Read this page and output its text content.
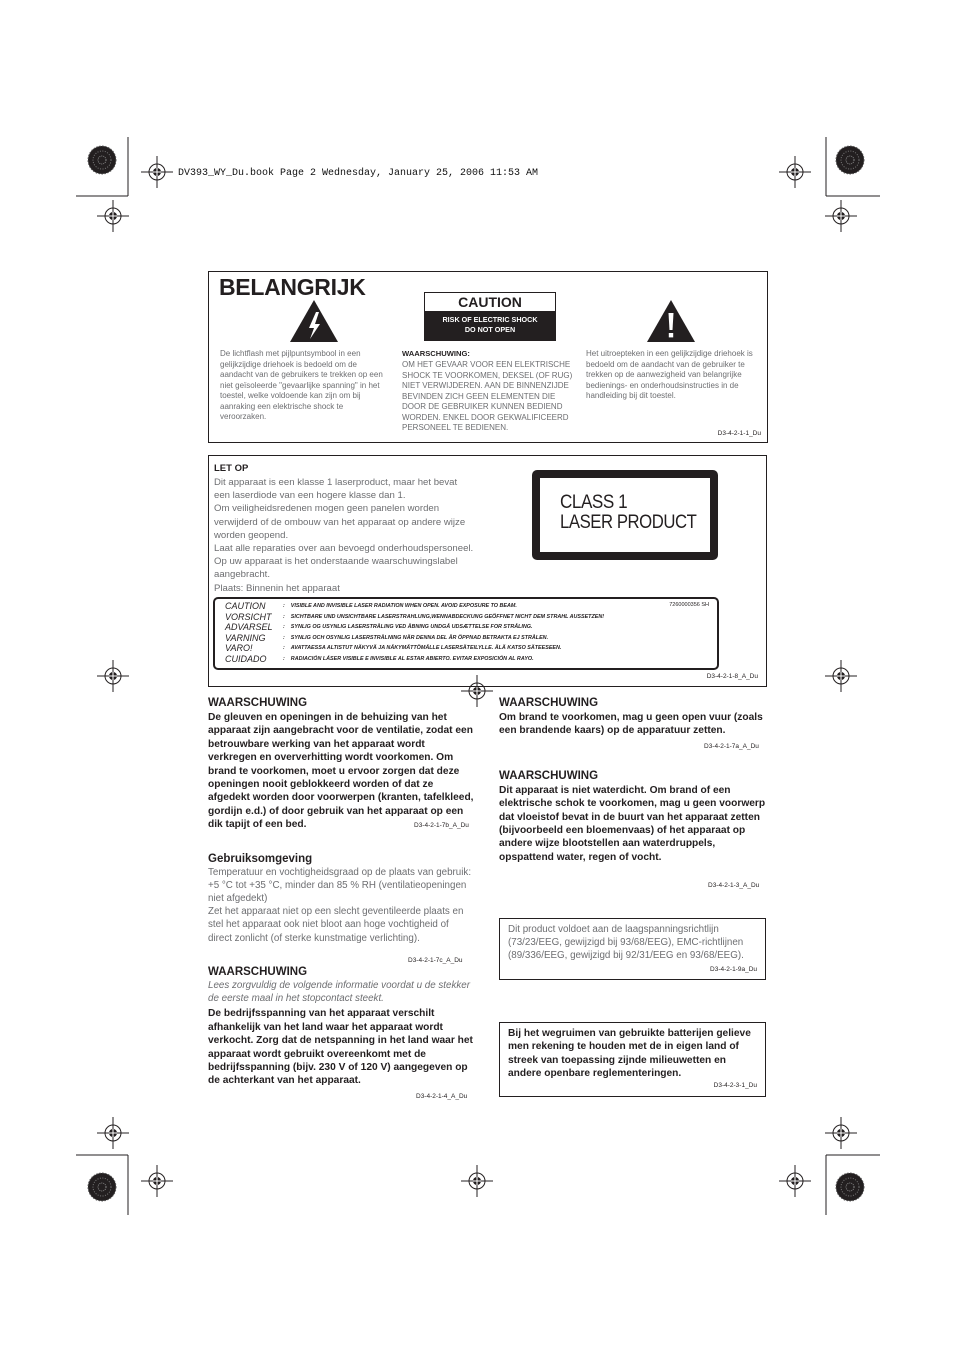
DV393_WY_Du.book Page 2 Wednesday, January 25, 2006 11:53 AM
BELANGRIJK
CAUTION
RISK OF ELECTRIC SHOCK
DO NOT OPEN
De lichtflash met pijlpuntsymbool in een gelijkzijdige driehoek is bedoeld om de aandacht van de gebruikers te trekken op een niet geïsoleerde "gevaarlijke spanning" in het toestel, welke voldoende kan zijn om bij aanraking een elektrische shock te veroorzaken.
WAARSCHUWING:
OM HET GEVAAR VOOR EEN ELEKTRISCHE SHOCK TE VOORKOMEN, DEKSEL (OF RUG) NIET VERWIJDEREN. AAN DE BINNENZIJDE BEVINDEN ZICH GEEN ELEMENTEN DIE DOOR DE GEBRUIKER KUNNEN BEDIEND WORDEN. ENKEL DOOR GEKWALIFICEERD PERSONEEL TE BEDIENEN.
Het uitroepteken in een gelijkzijdige driehoek is bedoeld om de aandacht van de gebruiker te trekken op de aanwezigheid van belangrijke bedienings- en onderhoudsinstructies in de handleiding bij dit toestel.
D3-4-2-1-1_Du
LET OP
Dit apparaat is een klasse 1 laserproduct, maar het bevat
een laserdiode van een hogere klasse dan 1.
Om veiligheidsredenen mogen geen panelen worden
verwijderd of de ombouw van het apparaat op andere wijze
worden geopend.
Laat alle reparaties over aan bevoegd onderhoudspersoneel.
Op uw apparaat is het onderstaande waarschuwingslabel
aangebracht.
Plaats: Binnenin het apparaat
CLASS 1
LASER PRODUCT
7260000356 SH
CAUTION	: VISIBLE AND INVISIBLE LASER RADIATION WHEN OPEN. AVOID EXPOSURE TO BEAM.
VORSICHT	: SICHTBARE UND UNSICHTBARE LASERSTRAHLUNG,WENNABDECKUNG GEÖFFNET NICHT DEM STRAHL AUSSETZEN!
ADVARSEL	: SYNLIG OG USYNLIG LASERSTRÅLING VED ÅBNING UNDGÅ UDSÆTTELSE FOR STRÅLING.
VARNING	: SYNLIG OCH OSYNLIG LASERSTRÅLNING NÄR DENNA DEL ÄR ÖPPNAD BETRAKTA EJ STRÅLEN.
VARO!	: AVATTAESSA ALTISTUT NÄKYVÄ JA NÄKYMÄTTÖMÄLLE LASERSÄTEILYLLE. ÄLÄ KATSO SÄTEESEEN.
CUIDADO	: RADIACIÓN LÁSER VISIBLE E INVISIBLE AL ESTAR ABIERTO. EVITAR EXPOSICIÓN AL RAYO.
D3-4-2-1-8_A_Du
WAARSCHUWING
De gleuven en openingen in de behuizing van het apparaat zijn aangebracht voor de ventilatie, zodat een betrouwbare werking van het apparaat wordt verkregen en oververhitting wordt voorkomen. Om brand te voorkomen, moet u ervoor zorgen dat deze openingen nooit geblokkeerd worden of dat ze afgedekt worden door voorwerpen (kranten, tafelkleed, gordijn e.d.) of door gebruik van het apparaat op een dik tapijt of een bed.	D3-4-2-1-7b_A_Du
Gebruiksomgeving
Temperatuur en vochtigheidsgraad op de plaats van gebruik:
+5 °C tot +35 °C, minder dan 85 % RH (ventilatieopeningen niet afgedekt)
Zet het apparaat niet op een slecht geventileerde plaats en stel het apparaat ook niet bloot aan hoge vochtigheid of direct zonlicht (of sterke kunstmatige verlichting).
D3-4-2-1-7c_A_Du
WAARSCHUWING
Lees zorgvuldig de volgende informatie voordat u de stekker de eerste maal in het stopcontact steekt.
De bedrijfsspanning van het apparaat verschilt afhankelijk van het land waar het apparaat wordt verkocht. Zorg dat de netspanning in het land waar het apparaat wordt gebruikt overeenkomt met de bedrijfsspanning (bijv. 230 V of 120 V) aangegeven op de achterkant van het apparaat.
D3-4-2-1-4_A_Du
WAARSCHUWING
Om brand te voorkomen, mag u geen open vuur (zoals een brandende kaars) op de apparatuur zetten.
D3-4-2-1-7a_A_Du
WAARSCHUWING
Dit apparaat is niet waterdicht. Om brand of een elektrische schok te voorkomen, mag u geen voorwerp dat vloeistof bevat in de buurt van het apparaat zetten (bijvoorbeeld een bloemenvaas) of het apparaat op andere wijze blootstellen aan waterdruppels, opspattend water, regen of vocht.
D3-4-2-1-3_A_Du
Dit product voldoet aan de laagspanningsrichtlijn (73/23/EEG, gewijzigd bij 93/68/EEG), EMC-richtlijnen (89/336/EEG, gewijzigd bij 92/31/EEG en 93/68/EEG).
D3-4-2-1-9a_Du
Bij het wegruimen van gebruikte batterijen gelieve men rekening te houden met de in eigen land of streek van toepassing zijnde milieuwetten en andere openbare reglementeringen.
D3-4-2-3-1_Du
